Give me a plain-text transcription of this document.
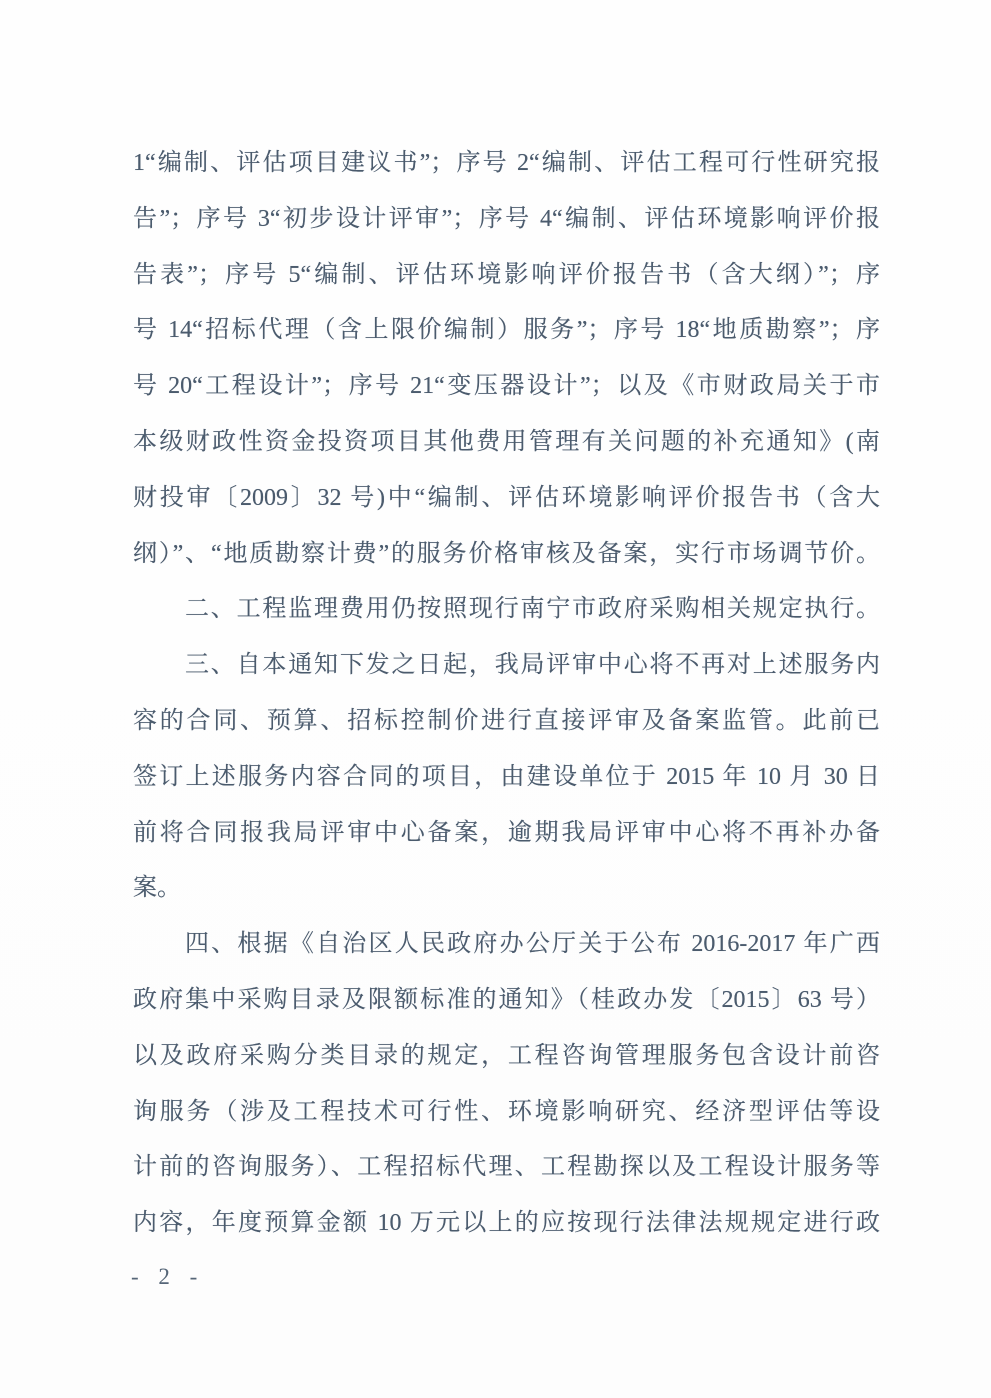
1“编制、评估项目建议书”；序号 2“编制、评估工程可行性研究报
告”；序号 3“初步设计评审”；序号 4“编制、评估环境影响评价报
告表”；序号 5“编制、评估环境影响评价报告书（含大纲）”；序
号 14“招标代理（含上限价编制）服务”；序号 18“地质勘察”；序
号 20“工程设计”；序号 21“变压器设计”；以及《市财政局关于市
本级财政性资金投资项目其他费用管理有关问题的补充通知》(南
财投审〔2009〕32 号)中“编制、评估环境影响评价报告书（含大
纲）”、“地质勘察计费”的服务价格审核及备案，实行市场调节价。
二、工程监理费用仍按照现行南宁市政府采购相关规定执行。
三、自本通知下发之日起，我局评审中心将不再对上述服务内
容的合同、预算、招标控制价进行直接评审及备案监管。此前已
签订上述服务内容合同的项目，由建设单位于 2015 年 10 月 30 日
前将合同报我局评审中心备案，逾期我局评审中心将不再补办备
案。
四、根据《自治区人民政府办公厅关于公布 2016-2017 年广西
政府集中采购目录及限额标准的通知》（桂政办发〔2015〕63 号）
以及政府采购分类目录的规定，工程咨询管理服务包含设计前咨
询服务（涉及工程技术可行性、环境影响研究、经济型评估等设
计前的咨询服务）、工程招标代理、工程勘探以及工程设计服务等
内容，年度预算金额 10 万元以上的应按现行法律法规规定进行政
- 2 -
